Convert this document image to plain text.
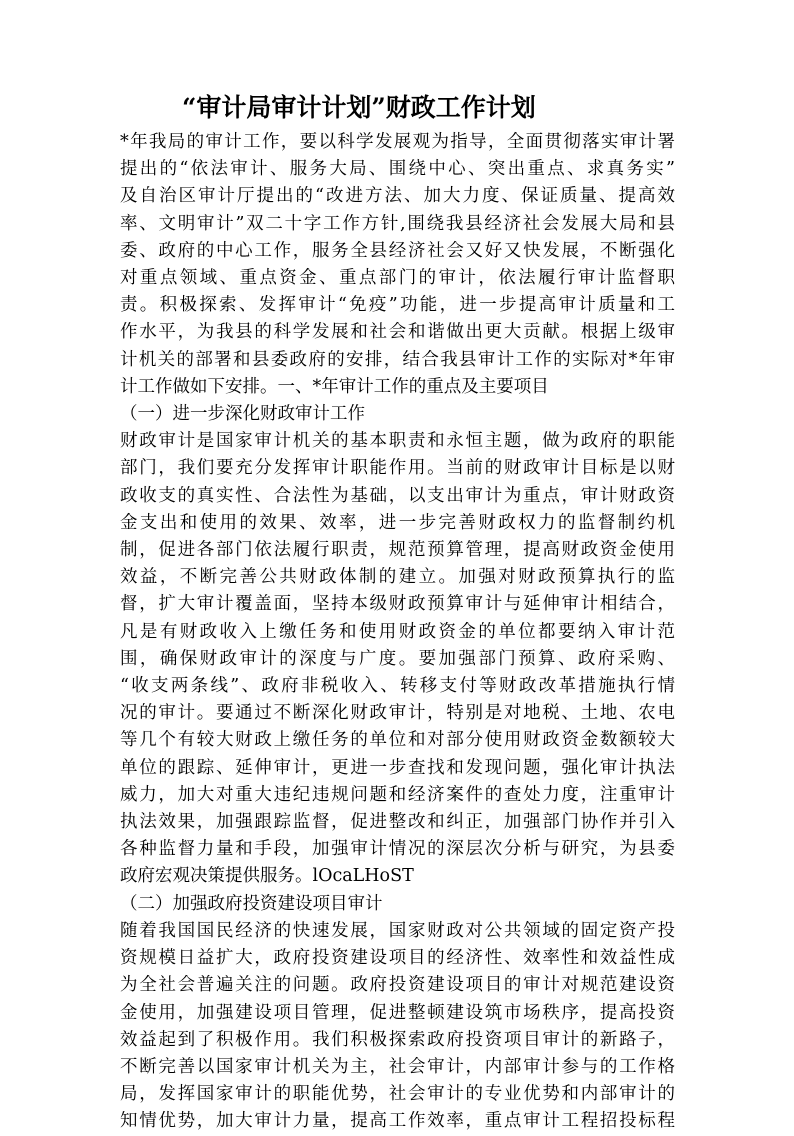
“审计局审计计划”财政工作计划

*年我局的审计工作，要以科学发展观为指导，全面贯彻落实审计署

提出的“依法审计、服务大局、围绕中心、突出重点、求真务实”

及自治区审计厅提出的“改进方法、加大力度、保证质量、提高效

率、文明审计”双二十字工作方针,围绕我县经济社会发展大局和县

委、政府的中心工作，服务全县经济社会又好又快发展，不断强化

对重点领域、重点资金、重点部门的审计，依法履行审计监督职

责。积极探索、发挥审计“免疫”功能，进一步提高审计质量和工

作水平，为我县的科学发展和社会和谐做出更大贡献。根据上级审

计机关的部署和县委政府的安排，结合我县审计工作的实际对*年审

计工作做如下安排。一、*年审计工作的重点及主要项目

（一）进一步深化财政审计工作

财政审计是国家审计机关的基本职责和永恒主题，做为政府的职能

部门，我们要充分发挥审计职能作用。当前的财政审计目标是以财

政收支的真实性、合法性为基础，以支出审计为重点，审计财政资

金支出和使用的效果、效率，进一步完善财政权力的监督制约机

制，促进各部门依法履行职责，规范预算管理，提高财政资金使用

效益，不断完善公共财政体制的建立。加强对财政预算执行的监

督，扩大审计覆盖面，坚持本级财政预算审计与延伸审计相结合，

凡是有财政收入上缴任务和使用财政资金的单位都要纳入审计范

围，确保财政审计的深度与广度。要加强部门预算、政府采购、

“收支两条线”、政府非税收入、转移支付等财政改革措施执行情

况的审计。要通过不断深化财政审计，特别是对地税、土地、农电

等几个有较大财政上缴任务的单位和对部分使用财政资金数额较大

单位的跟踪、延伸审计，更进一步查找和发现问题，强化审计执法

威力，加大对重大违纪违规问题和经济案件的查处力度，注重审计

执法效果，加强跟踪监督，促进整改和纠正，加强部门协作并引入

各种监督力量和手段，加强审计情况的深层次分析与研究，为县委

政府宏观决策提供服务。lOcaLHoST

（二）加强政府投资建设项目审计

随着我国国民经济的快速发展，国家财政对公共领域的固定资产投

资规模日益扩大，政府投资建设项目的经济性、效率性和效益性成

为全社会普遍关注的问题。政府投资建设项目的审计对规范建设资

金使用，加强建设项目管理，促进整顿建设筑市场秩序，提高投资

效益起到了积极作用。我们积极探索政府投资项目审计的新路子，

不断完善以国家审计机关为主，社会审计，内部审计参与的工作格

局，发挥国家审计的职能优势，社会审计的专业优势和内部审计的

知情优势，加大审计力量，提高工作效率，重点审计工程招投标程
